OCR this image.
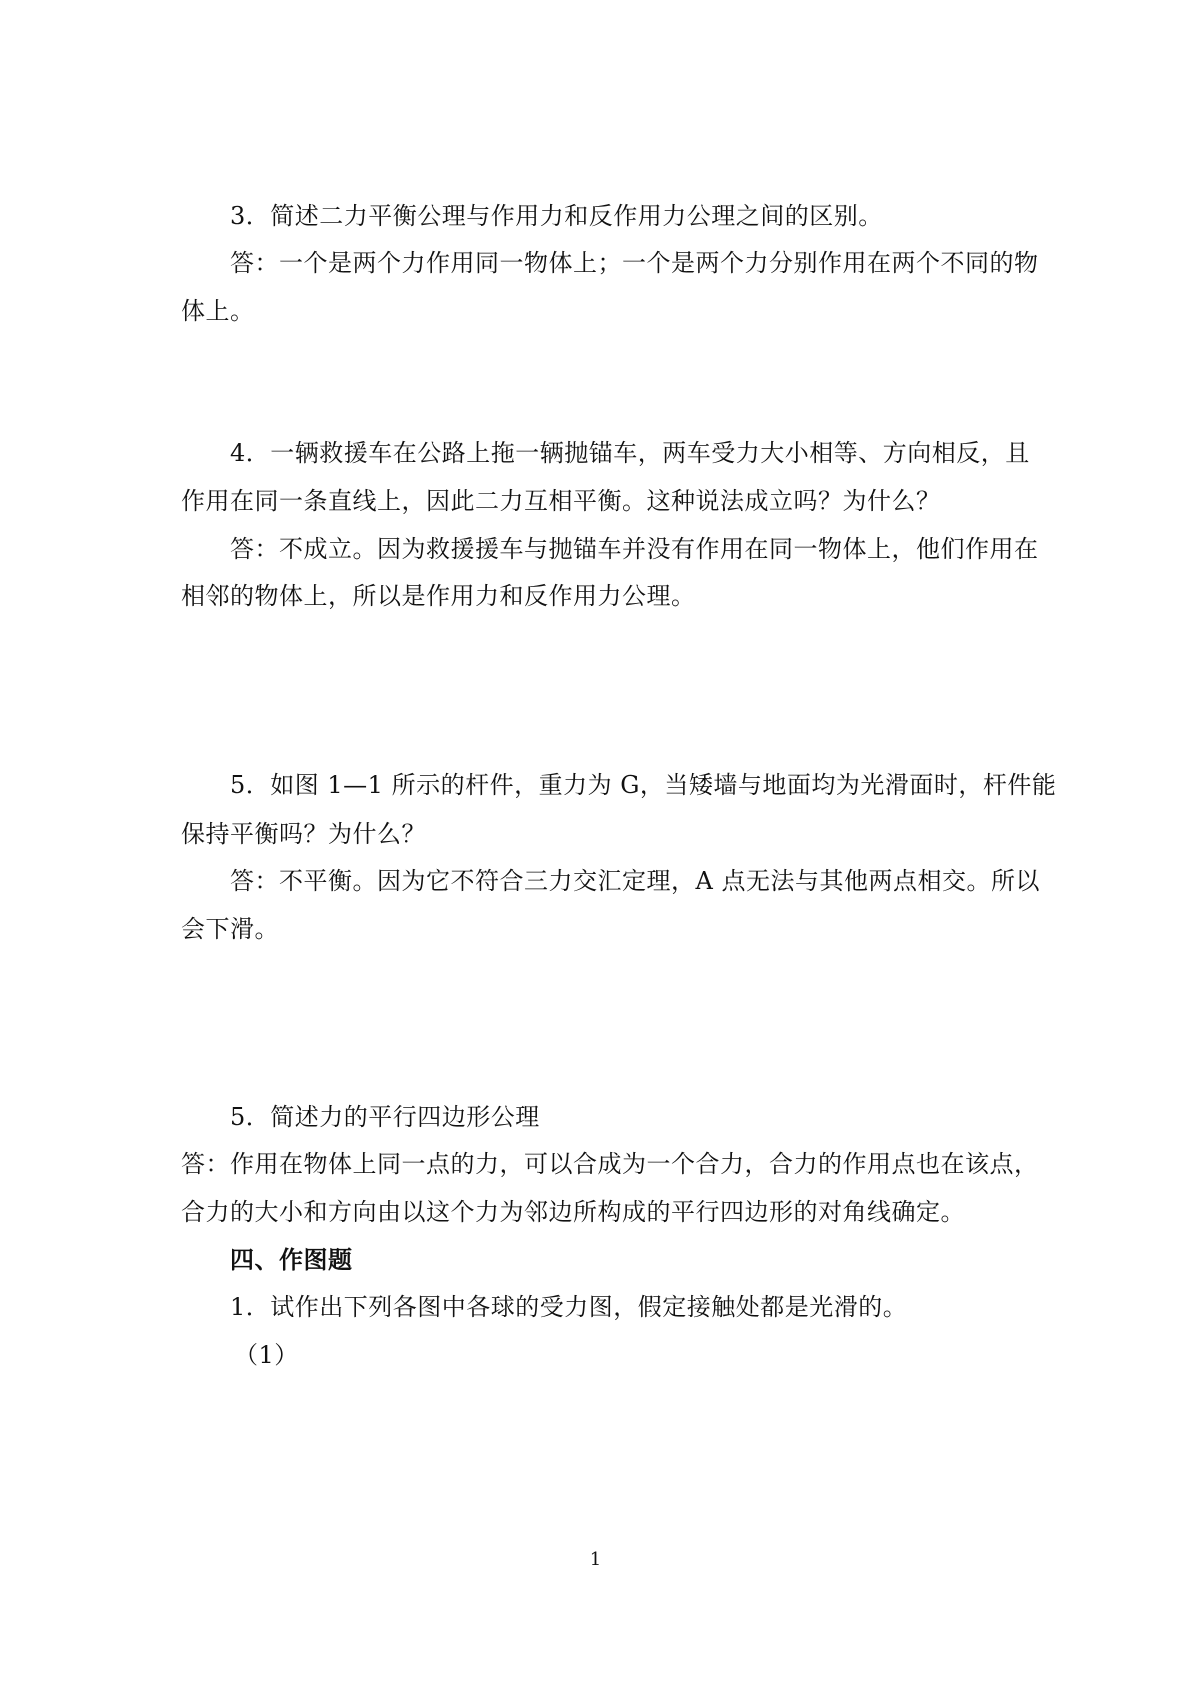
3．简述二力平衡公理与作用力和反作用力公理之间的区别。
答：一个是两个力作用同一物体上；一个是两个力分别作用在两个不同的物
体上。
4．一辆救援车在公路上拖一辆抛锚车，两车受力大小相等、方向相反，且
作用在同一条直线上，因此二力互相平衡。这种说法成立吗？为什么？
答：不成立。因为救援援车与抛锚车并没有作用在同一物体上，他们作用在
相邻的物体上，所以是作用力和反作用力公理。
5．如图 1—1 所示的杆件，重力为 G，当矮墙与地面均为光滑面时，杆件能
保持平衡吗？为什么？
答：不平衡。因为它不符合三力交汇定理，A 点无法与其他两点相交。所以
会下滑。
5．简述力的平行四边形公理
答：作用在物体上同一点的力，可以合成为一个合力，合力的作用点也在该点，
合力的大小和方向由以这个力为邻边所构成的平行四边形的对角线确定。
四、作图题
1．试作出下列各图中各球的受力图，假定接触处都是光滑的。
（1）
1
